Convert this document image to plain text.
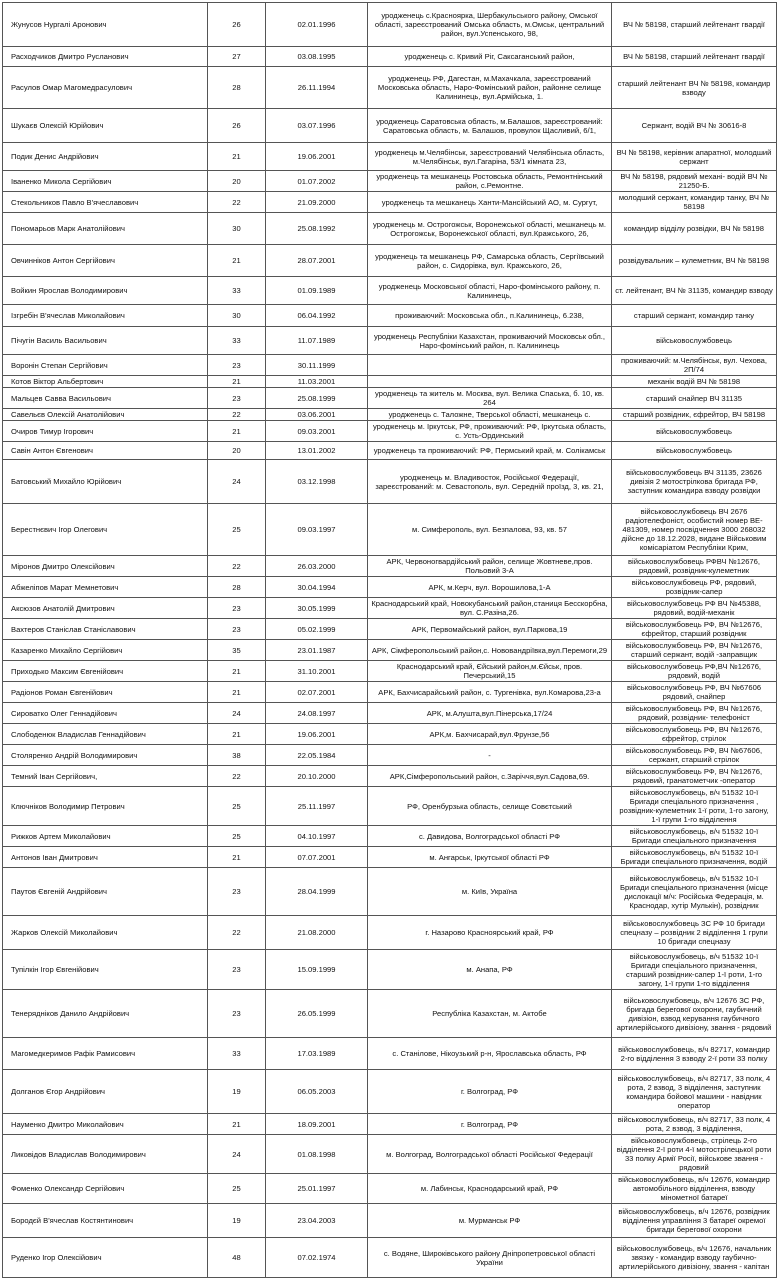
Жунусов Нургалі Аронович	26	02.01.1996	уродженець с.Красноярка, Шербакульського району, Омської області, зареєстрований Омська область, м.Омськ, центральний район, вул.Успенського, 98,	ВЧ № 58198, старший лейтенант гвардії
Расходчиков Дмитро Русланович	27	03.08.1995	уродженець с. Кривий Ріг, Саксаганський район,	ВЧ № 58198, старший лейтенант гвардії
Расулов Омар Магомедрасулович	28	26.11.1994	уродженець РФ, Дагестан, м.Махачкала, зареєстрований Московська область, Наро-Фомінський район, районне селище Калининець, вул.Армійська, 1.	старший лейтенант ВЧ № 58198, командир взводу
Шукаєв Олексій Юрійович	26	03.07.1996	уродженець Саратовська область, м.Балашов, зареєстрований: Саратовська область, м. Балашов, провулок Щасливий, 6/1,	Сержант, водій ВЧ № 30616-8
Подик Денис Андрійович	21	19.06.2001	уродженець м.Челябінськ, зареєстрований Челябінська область, м.Челябінськ, вул.Гагаріна, 53/1 кімната 23,	ВЧ № 58198, керівник апаратної, молодший сержант
Іваненко Микола Сергійович	20	01.07.2002	уродженець та мешканець Ростовська область, Ремонтнінський район, с.Ремонтне.	ВЧ № 58198, рядовий механі- водій ВЧ № 21250-Б.
Стекольников Павло В'ячеславович	22	21.09.2000	уродженець та мешканець Ханти-Мансійський АО, м. Сургут,	молодший сержант, командир танку, ВЧ № 58198
Пономарьов Марк Анатолійович	30	25.08.1992	уродженець м. Острогожськ, Воронежської області, мешканець м. Острогожськ, Воронежської області, вул.Кражського, 26,	командир відділу розвідки, ВЧ № 58198
Овчинніков Антон Сергійович	21	28.07.2001	уродженець та мешканець РФ, Самарська область, Сергіївський район, с. Сидорівка, вул. Кражського, 26,	розвідувальник – кулеметник, ВЧ № 58198
Войкин Ярослав Володимирович	33	01.09.1989	уродженець Московської області, Наро-фомінського району, п. Калининець,	ст. лейтенант, ВЧ № 31135, командир взводу
Ізгребін В'ячеслав Миколайович	30	06.04.1992	проживаючий: Московська обл., п.Калининець, 6.238,	старший сержант, командир танку
Пічугін Василь Васильович	33	11.07.1989	уродженець Республіки Казахстан, проживаючий Московськ обл., Наро-фомінський район, п. Калининець	військовослужбовець
Воронін Степан Сергійович	23	30.11.1999		проживаючий: м.Челябінськ, вул. Чехова, 2П/74
Котов Віктор Альбертович	21	11.03.2001		механік водій ВЧ № 58198
Мальцев Савва Васильович	23	25.08.1999	уродженець та житель м. Москва, вул. Велика Спаська, б. 10, кв. 264	старший снайпер ВЧ 31135
Савельєв Олексій Анатолійович	22	03.06.2001	уродженець с. Таложне, Тверської області, мешканець с.	старший розвідник, єфрейтор, ВЧ 58198
Очиров Тимур Ігорович	21	09.03.2001	уродженець м. Іркутськ, РФ, проживаючий: РФ, Іркутська область, с. Усть-Ординський	військовослужбовець
Савін Антон Євгенович	20	13.01.2002	уродженець та проживаючий: РФ, Пермський край, м. Солікамськ	військовослужбовець
Батовський Михайло Юрійович	24	03.12.1998	уродженець м. Владивосток, Російської Федерації, зареєстрований: м. Севастополь, вул. Середній проїзд, 3, кв. 21,	військовослужбовець ВЧ 31135, 23626 дивізія 2 мотострілкова бригада РФ, заступник командира взводу розвідки
Берестнєвич Ігор Олегович	25	09.03.1997	м. Симферополь, вул. Безпалова, 93, кв. 57	військовослужбовець ВЧ 2676 радіотелефоніст, особистий номер ВЕ- 481309, номер посвідчення 3000 268032 дійсне до 18.12.2028, видане Військовим комісаріатом Республіки Крим,
Міронов Дмитро Олексійович	22	26.03.2000	АРК, Червоногвардійський район, селище Жовтневе,пров. Польовий 3-А	військовослужбовець РФВЧ №12676, рядовий, розвідник-кулеметник
Абжеліпов Марат Мемнетович	28	30.04.1994	АРК, м.Керч, вул. Ворошилова,1-А	військовослужбовець РФ, рядовий, розвідник-сапер
Аксюзов Анатолій Дмитрович	23	30.05.1999	Краснодарський край, Новокубанський район,станиця Бесскорбна, вул. С.Разіна,26.	військовослужбовець РФ ВЧ №45388, рядовий, водій-механік
Вахтеров Станіслав Станіславович	23	05.02.1999	АРК, Первомайський район, вул.Паркова,19	військовослужбовець РФ, ВЧ №12676, єфрейтор, старший розвідник
Казаренко Михайло Сергійович	35	23.01.1987	АРК, Сімферопольський район,с. Нововандріївка,вул.Перемоги,29	військовослужбовець РФ, ВЧ №12676, старший сержант, водій -заправщик
Приходько Максим Євгенійович	21	31.10.2001	Краснодарський край, Єйський район,м.Єйськ, пров. Печерський,15	військовослужбовець РФ,ВЧ №12676, рядовий, водій
Радіонов Роман Євгенійович	21	02.07.2001	АРК, Бахчисарайський район, с. Тургенівка, вул.Комарова,23-а	військовослужбовець РФ, ВЧ №67606 рядовий, снайпер
Сироватко Олег Геннадійович	24	24.08.1997	АРК, м.Алушта,вул.Пінерська,17/24	військовослужбовець РФ, ВЧ №12676, рядовий, розвідник- телефоніст
Слободенюк Владислав Геннадійович	21	19.06.2001	АРК,м. Бахчисарай,вул.Фрунзе,56	військовослужбовець РФ, ВЧ №12676, єфрейтор, стрілок
Столяренко Андрій Володимирович	38	22.05.1984	-	військовослужбовець РФ, ВЧ №67606, сержант, старший стрілок
Темний Іван Сергійович,	22	20.10.2000	АРК,Сімферопольський район, с.Заріччя,вул.Садова,69.	військовослужбовець РФ, ВЧ №12676, рядовий, гранатометчик -оператор
Ключніков Володимир Петрович	25	25.11.1997	РФ, Оренбурзька область, селище Совєтський	військовослужбовець, в/ч 51532 10-ї Бригади спеціального призначення , розвідник-кулеметник 1-ї роти, 1-го загону, 1-ї групи 1-го відділення
Рижков Артем Миколайович	25	04.10.1997	с. Давидова, Волгоградської області РФ	військовослужбовець, в/ч 51532 10-ї Бригади спеціального призначення
Антонов Іван Дмитрович	21	07.07.2001	м. Ангарськ, Іркутської області РФ	військовослужбовець, в/ч 51532 10-ї Бригади спеціального призначення, водій
Паутов Євгеній Андрійович	23	28.04.1999	м. Київ, Україна	військовослужбовець, в/ч 51532 10-ї Бригади спеціального призначення (місце дислокації м/ч: Російська Федерація, м. Краснодар, хутір Мулькін), розвідник
Жарков Олексій Миколайович	22	21.08.2000	г. Назарово Красноярський край, РФ	військовослужбовець ЗС РФ 10 бригади спецназу – розвідник 2 відділення 1 групи 10 бригади спецназу
Тупілкін Ігор Євгенійович	23	15.09.1999	м. Анапа, РФ	військовослужбовець, в/ч 51532 10-ї Бригади спеціального призначення, старший розвідник-сапер 1-ї роти, 1-го загону, 1-ї групи 1-го відділення
Тенерядніков Данило Андрійович	23	26.05.1999	Республіка Казахстан, м. Актобе	військовослужбовець, в/ч 12676 ЗС РФ, бригада берегової охорони, гаубичний дивізіон, взвод керування гаубичного артилерійського дивізіону, звання - рядовий
Магомедкеримов Рафік Рамисович	33	17.03.1989	с. Станілове, Нікоузький р-н, Ярославська область, РФ	військовослужбовець, в/ч 82717, командир 2-го відділення 3 взводу 2-ї роти 33 полку
Долганов Єгор Андрійович	19	06.05.2003	г. Волгоград, РФ	військовослужбовець, в/ч 82717, 33 полк, 4 рота, 2 взвод, 3 відділення, заступник командира бойової машини - навідник оператор
Науменко Дмитро Миколайович	21	18.09.2001	г. Волгоград, РФ	військовослужбовець, в/ч 82717, 33 полк, 4 рота, 2 взвод, 3 відділення,
Ликовідов Владислав Володимирович	24	01.08.1998	м. Волгоград, Волгоградської області Російської Федерації	військовослужбовець, стрілець 2-го відділення 2-ї роти 4-ї мотострілецької роти 33 полку Армії Росії, військове звання - рядовий
Фоменко Олександр Сергійович	25	25.01.1997	м. Лабинськ, Краснодарський край, РФ	військовослужбовець, в/ч 12676, командир автомобільного відділення, взводу мінометної батареї
Бородєй В'ячеслав Костянтинович	19	23.04.2003	м. Мурманськ РФ	військовослужбовець, в/ч 12676, розвідник відділення управління 3 батареї окремої бригади берегової охорони
Руденко Ігор Олексійович	48	07.02.1974	с. Водяне, Широківського району Дніпропетровської області України	військовослужбовець, в/ч 12676, начальник звязку - командир взводу гаубично-артилерійського дивізіону, звання - капітан
